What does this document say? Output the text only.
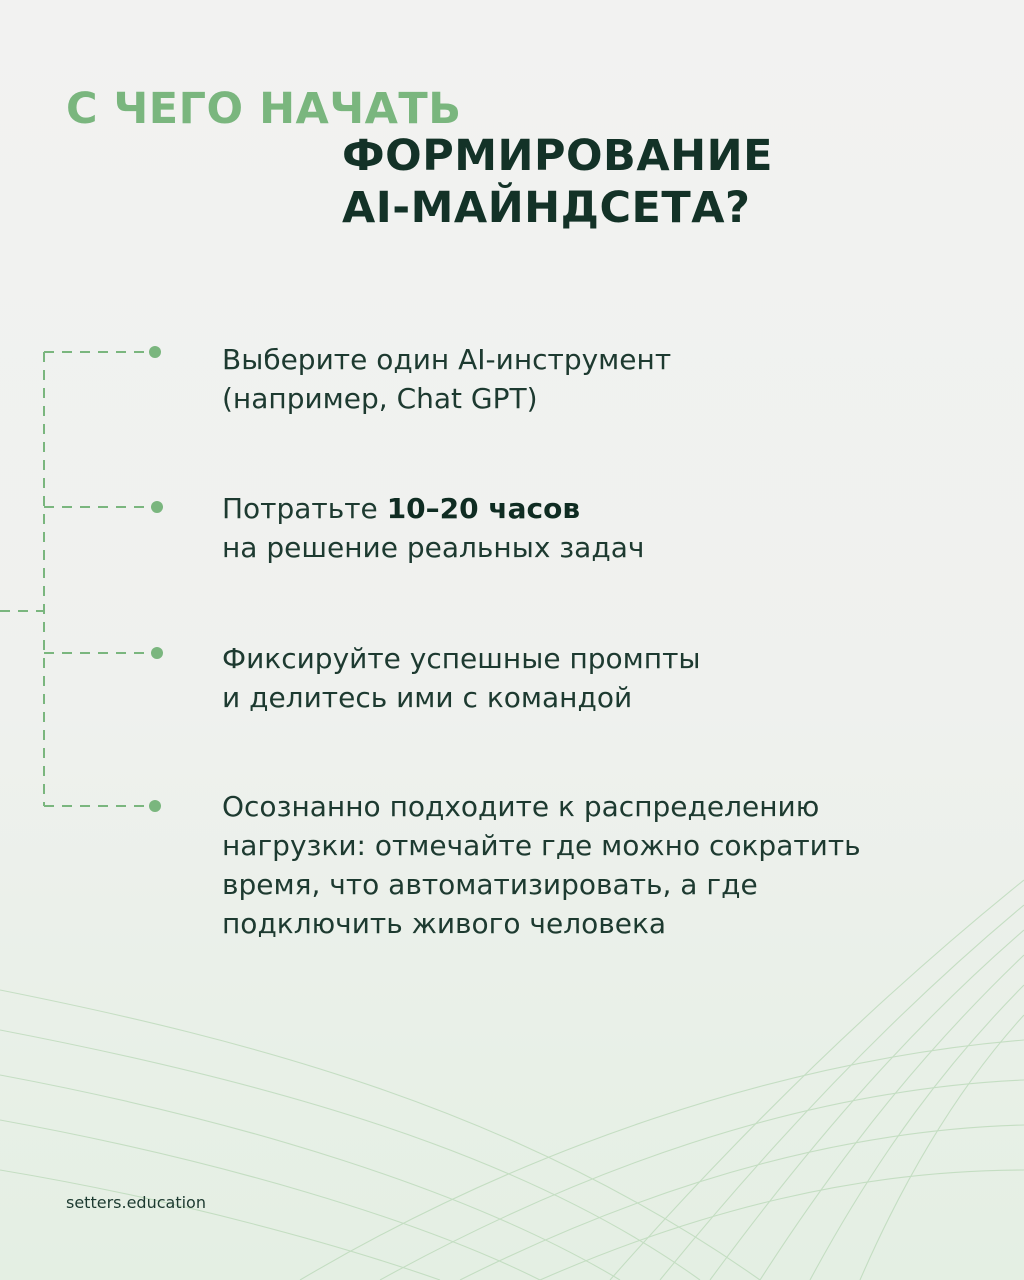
С ЧЕГО НАЧАТЬ
ФОРМИРОВАНИЕ
AI-МАЙНДСЕТА?
Выберите один AI-инструмент
(например, Chat GPT)
Потратьте 10–20 часов
на решение реальных задач
Фиксируйте успешные промпты
и делитесь ими с командой
Осознанно подходите к распределению
нагрузки: отмечайте где можно сократить
время, что автоматизировать, а где
подключить живого человека
setters.education
